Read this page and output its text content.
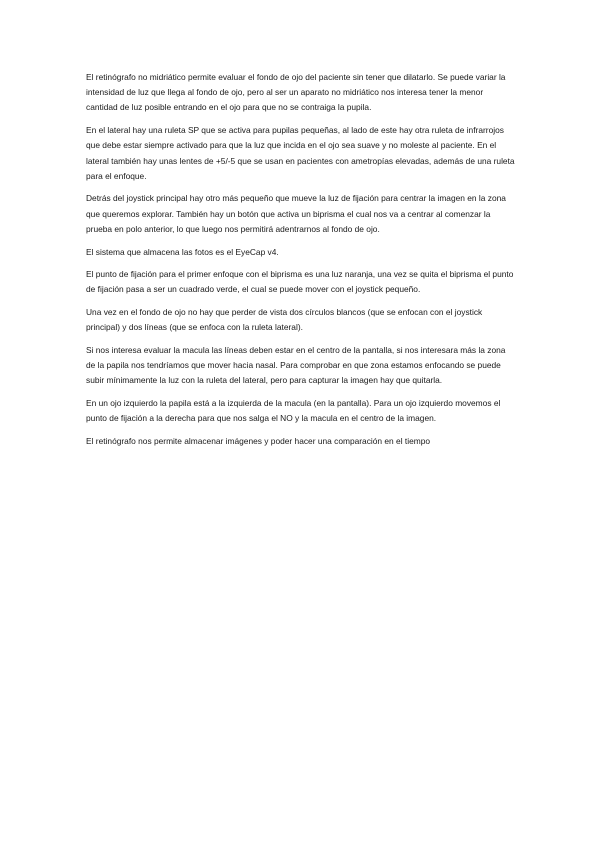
El retinógrafo no midriático permite evaluar el fondo de ojo del paciente sin tener que dilatarlo. Se puede variar la intensidad de luz que llega al fondo de ojo, pero al ser un aparato no midriático nos interesa tener la menor cantidad de luz posible entrando en el ojo para que no se contraiga la pupila.

En el lateral hay una ruleta SP que se activa para pupilas pequeñas, al lado de este hay otra ruleta de infrarrojos que debe estar siempre activado para que la luz que incida en el ojo sea suave y no moleste al paciente. En el lateral también hay unas lentes de +5/-5 que se usan en pacientes con ametropías elevadas, además de una ruleta para el enfoque.

Detrás del joystick principal hay otro más pequeño que mueve la luz de fijación para centrar la imagen en la zona que queremos explorar. También hay un botón que activa un biprisma el cual nos va a centrar al comenzar la prueba en polo anterior, lo que luego nos permitirá adentrarnos al fondo de ojo.

El sistema que almacena las fotos es el EyeCap v4.

El punto de fijación para el primer enfoque con el biprisma es una luz naranja, una vez se quita el biprisma el punto de fijación pasa a ser un cuadrado verde, el cual se puede mover con el joystick pequeño.

Una vez en el fondo de ojo no hay que perder de vista dos círculos blancos (que se enfocan con el joystick principal) y dos líneas (que se enfoca con la ruleta lateral).

Si nos interesa evaluar la macula las líneas deben estar en el centro de la pantalla, si nos interesara más la zona de la papila nos tendríamos que mover hacia nasal. Para comprobar en que zona estamos enfocando se puede subir mínimamente la luz con la ruleta del lateral, pero para capturar la imagen hay que quitarla.

En un ojo izquierdo la papila está a la izquierda de la macula (en la pantalla). Para un ojo izquierdo movemos el punto de fijación a la derecha para que nos salga el NO y la macula en el centro de la imagen.

El retinógrafo nos permite almacenar imágenes y poder hacer una comparación en el tiempo
